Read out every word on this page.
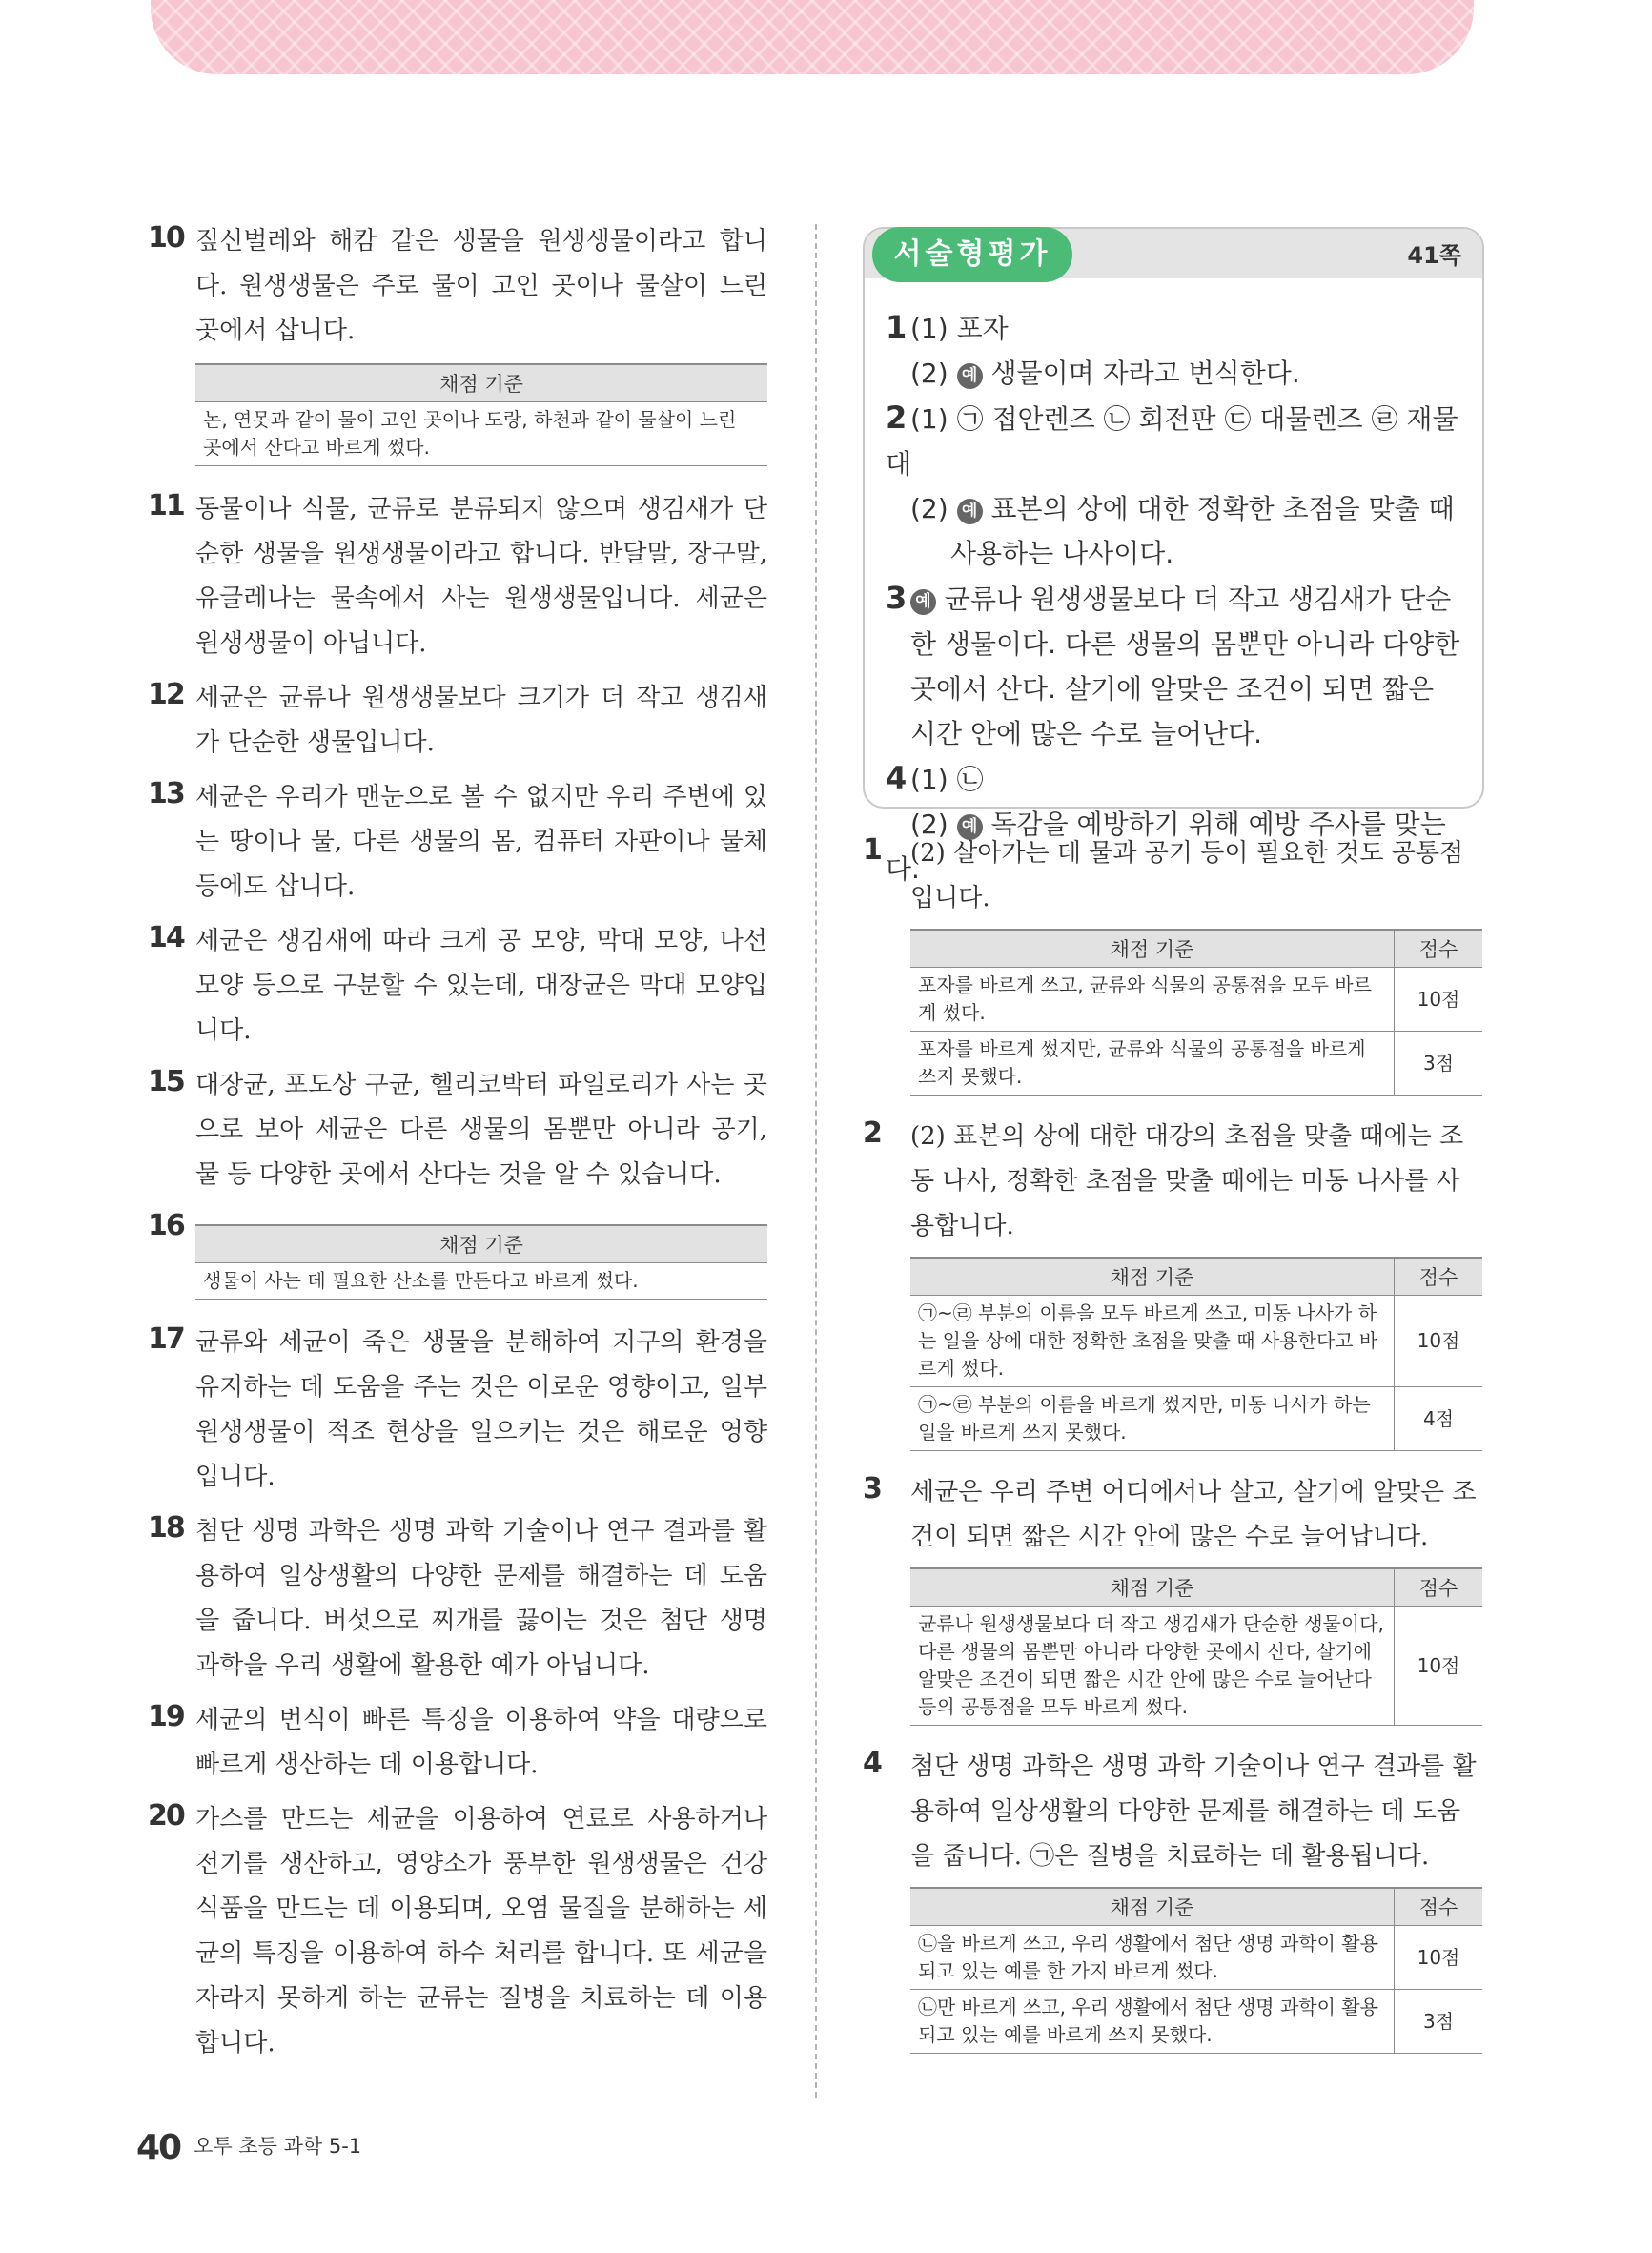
10 짚신벌레와 해캄 같은 생물을 원생생물이라고 합니다. 원생생물은 주로 물이 고인 곳이나 물살이 느린 곳에서 삽니다.
채점 기준
논, 연못과 같이 물이 고인 곳이나 도랑, 하천과 같이 물살이 느린 곳에서 산다고 바르게 썼다.
11 동물이나 식물, 균류로 분류되지 않으며 생김새가 단순한 생물을 원생생물이라고 합니다. 반달말, 장구말, 유글레나는 물속에서 사는 원생생물입니다. 세균은 원생생물이 아닙니다.
12 세균은 균류나 원생생물보다 크기가 더 작고 생김새가 단순한 생물입니다.
13 세균은 우리가 맨눈으로 볼 수 없지만 우리 주변에 있는 땅이나 물, 다른 생물의 몸, 컴퓨터 자판이나 물체 등에도 삽니다.
14 세균은 생김새에 따라 크게 공 모양, 막대 모양, 나선 모양 등으로 구분할 수 있는데, 대장균은 막대 모양입니다.
15 대장균, 포도상 구균, 헬리코박터 파일로리가 사는 곳으로 보아 세균은 다른 생물의 몸뿐만 아니라 공기, 물 등 다양한 곳에서 산다는 것을 알 수 있습니다.
16
채점 기준
생물이 사는 데 필요한 산소를 만든다고 바르게 썼다.
17 균류와 세균이 죽은 생물을 분해하여 지구의 환경을 유지하는 데 도움을 주는 것은 이로운 영향이고, 일부 원생생물이 적조 현상을 일으키는 것은 해로운 영향입니다.
18 첨단 생명 과학은 생명 과학 기술이나 연구 결과를 활용하여 일상생활의 다양한 문제를 해결하는 데 도움을 줍니다. 버섯으로 찌개를 끓이는 것은 첨단 생명 과학을 우리 생활에 활용한 예가 아닙니다.
19 세균의 번식이 빠른 특징을 이용하여 약을 대량으로 빠르게 생산하는 데 이용합니다.
20 가스를 만드는 세균을 이용하여 연료로 사용하거나 전기를 생산하고, 영양소가 풍부한 원생생물은 건강식품을 만드는 데 이용되며, 오염 물질을 분해하는 세균의 특징을 이용하여 하수 처리를 합니다. 또 세균을 자라지 못하게 하는 균류는 질병을 치료하는 데 이용합니다.
서술형평가	41쪽
1 (1) 포자
(2) 예 생물이며 자라고 번식한다.
2 (1) ㉠ 접안렌즈 ㉡ 회전판 ㉢ 대물렌즈 ㉣ 재물대
(2) 예 표본의 상에 대한 정확한 초점을 맞출 때
사용하는 나사이다.
3 예 균류나 원생생물보다 더 작고 생김새가 단순
한 생물이다. 다른 생물의 몸뿐만 아니라 다양한
곳에서 산다. 살기에 알맞은 조건이 되면 짧은
시간 안에 많은 수로 늘어난다.
4 (1) ㉡
(2) 예 독감을 예방하기 위해 예방 주사를 맞는다.
1 (2) 살아가는 데 물과 공기 등이 필요한 것도 공통점입니다.
채점 기준	점수
포자를 바르게 쓰고, 균류와 식물의 공통점을 모두 바르게 썼다.	10점
포자를 바르게 썼지만, 균류와 식물의 공통점을 바르게 쓰지 못했다.	3점
2 (2) 표본의 상에 대한 대강의 초점을 맞출 때에는 조동 나사, 정확한 초점을 맞출 때에는 미동 나사를 사용합니다.
채점 기준	점수
㉠~㉣ 부분의 이름을 모두 바르게 쓰고, 미동 나사가 하는 일을 상에 대한 정확한 초점을 맞출 때 사용한다고 바르게 썼다.	10점
㉠~㉣ 부분의 이름을 바르게 썼지만, 미동 나사가 하는 일을 바르게 쓰지 못했다.	4점
3 세균은 우리 주변 어디에서나 살고, 살기에 알맞은 조건이 되면 짧은 시간 안에 많은 수로 늘어납니다.
채점 기준	점수
균류나 원생생물보다 더 작고 생김새가 단순한 생물이다, 다른 생물의 몸뿐만 아니라 다양한 곳에서 산다, 살기에 알맞은 조건이 되면 짧은 시간 안에 많은 수로 늘어난다 등의 공통점을 모두 바르게 썼다.	10점
4 첨단 생명 과학은 생명 과학 기술이나 연구 결과를 활용하여 일상생활의 다양한 문제를 해결하는 데 도움을 줍니다. ㉠은 질병을 치료하는 데 활용됩니다.
채점 기준	점수
㉡을 바르게 쓰고, 우리 생활에서 첨단 생명 과학이 활용되고 있는 예를 한 가지 바르게 썼다.	10점
㉡만 바르게 쓰고, 우리 생활에서 첨단 생명 과학이 활용되고 있는 예를 바르게 쓰지 못했다.	3점
40 오투 초등 과학 5-1
